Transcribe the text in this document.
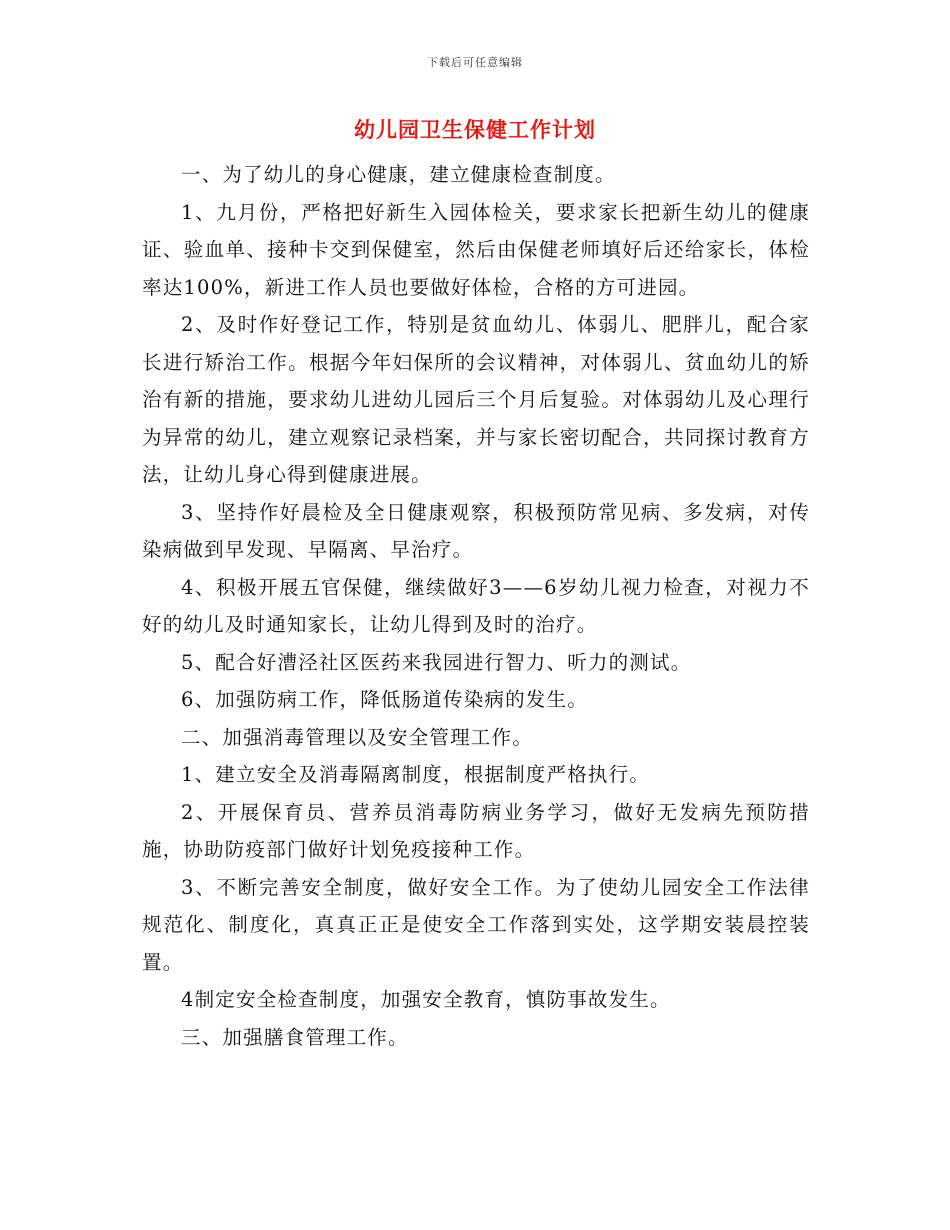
下载后可任意编辑
幼儿园卫生保健工作计划

一、为了幼儿的身心健康，建立健康检查制度。

1、九月份，严格把好新生入园体检关，要求家长把新生幼儿的健康证、验血单、接种卡交到保健室，然后由保健老师填好后还给家长，体检率达100%，新进工作人员也要做好体检，合格的方可进园。

2、及时作好登记工作，特别是贫血幼儿、体弱儿、肥胖儿，配合家长进行矫治工作。根据今年妇保所的会议精神，对体弱儿、贫血幼儿的矫治有新的措施，要求幼儿进幼儿园后三个月后复验。对体弱幼儿及心理行为异常的幼儿，建立观察记录档案，并与家长密切配合，共同探讨教育方法，让幼儿身心得到健康进展。

3、坚持作好晨检及全日健康观察，积极预防常见病、多发病，对传染病做到早发现、早隔离、早治疗。

4、积极开展五官保健，继续做好3——6岁幼儿视力检查，对视力不好的幼儿及时通知家长，让幼儿得到及时的治疗。

5、配合好漕泾社区医药来我园进行智力、听力的测试。

6、加强防病工作，降低肠道传染病的发生。

二、加强消毒管理以及安全管理工作。

1、建立安全及消毒隔离制度，根据制度严格执行。

2、开展保育员、营养员消毒防病业务学习，做好无发病先预防措施，协助防疫部门做好计划免疫接种工作。

3、不断完善安全制度，做好安全工作。为了使幼儿园安全工作法律规范化、制度化，真真正正是使安全工作落到实处，这学期安装晨控装置。

4制定安全检查制度，加强安全教育，慎防事故发生。

三、加强膳食管理工作。
